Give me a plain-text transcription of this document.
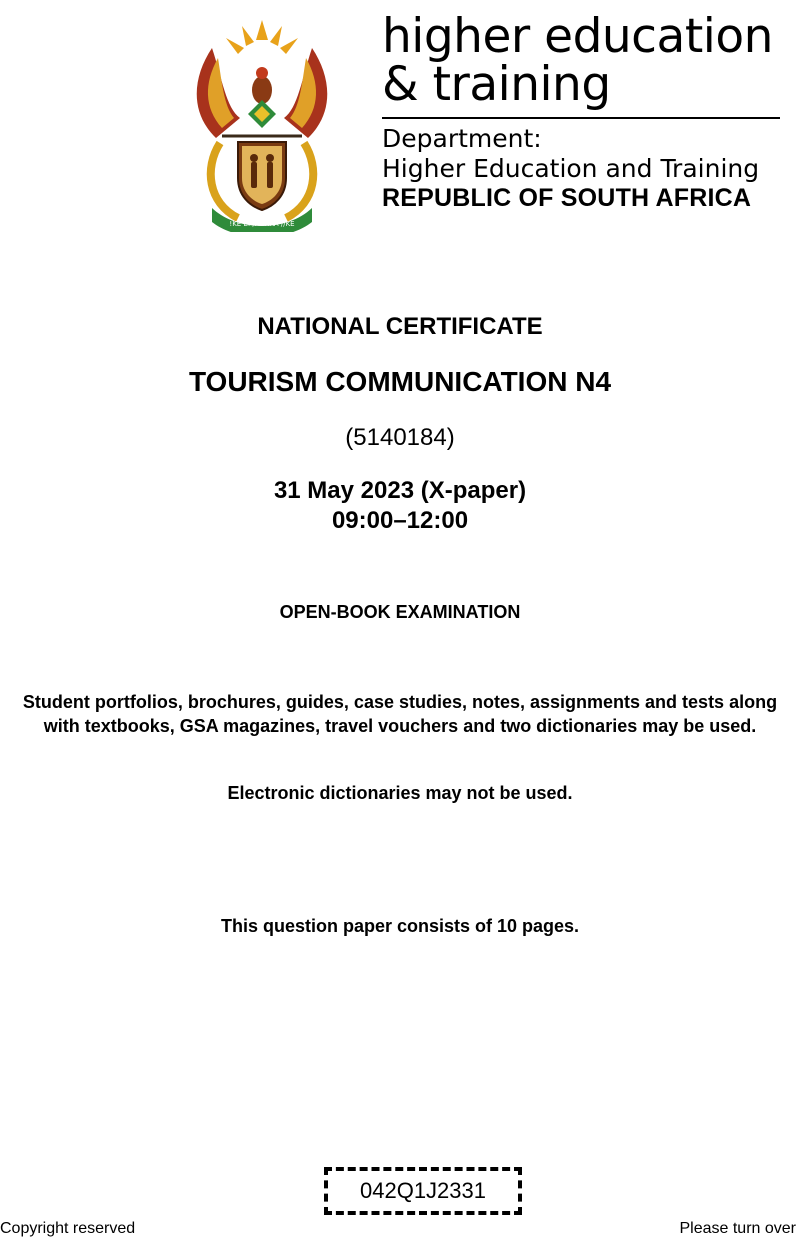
!KE E: /XARRA //KE
higher education
& training
Department:
Higher Education and Training
REPUBLIC OF SOUTH AFRICA
NATIONAL CERTIFICATE
TOURISM COMMUNICATION N4
(5140184)
31 May 2023 (X-paper)
09:00–12:00
OPEN-BOOK EXAMINATION
Student portfolios, brochures, guides, case studies, notes, assignments and tests along with textbooks, GSA magazines, travel vouchers and two dictionaries may be used.
Electronic dictionaries may not be used.
This question paper consists of 10 pages.
042Q1J2331
Copyright reserved	Please turn over
